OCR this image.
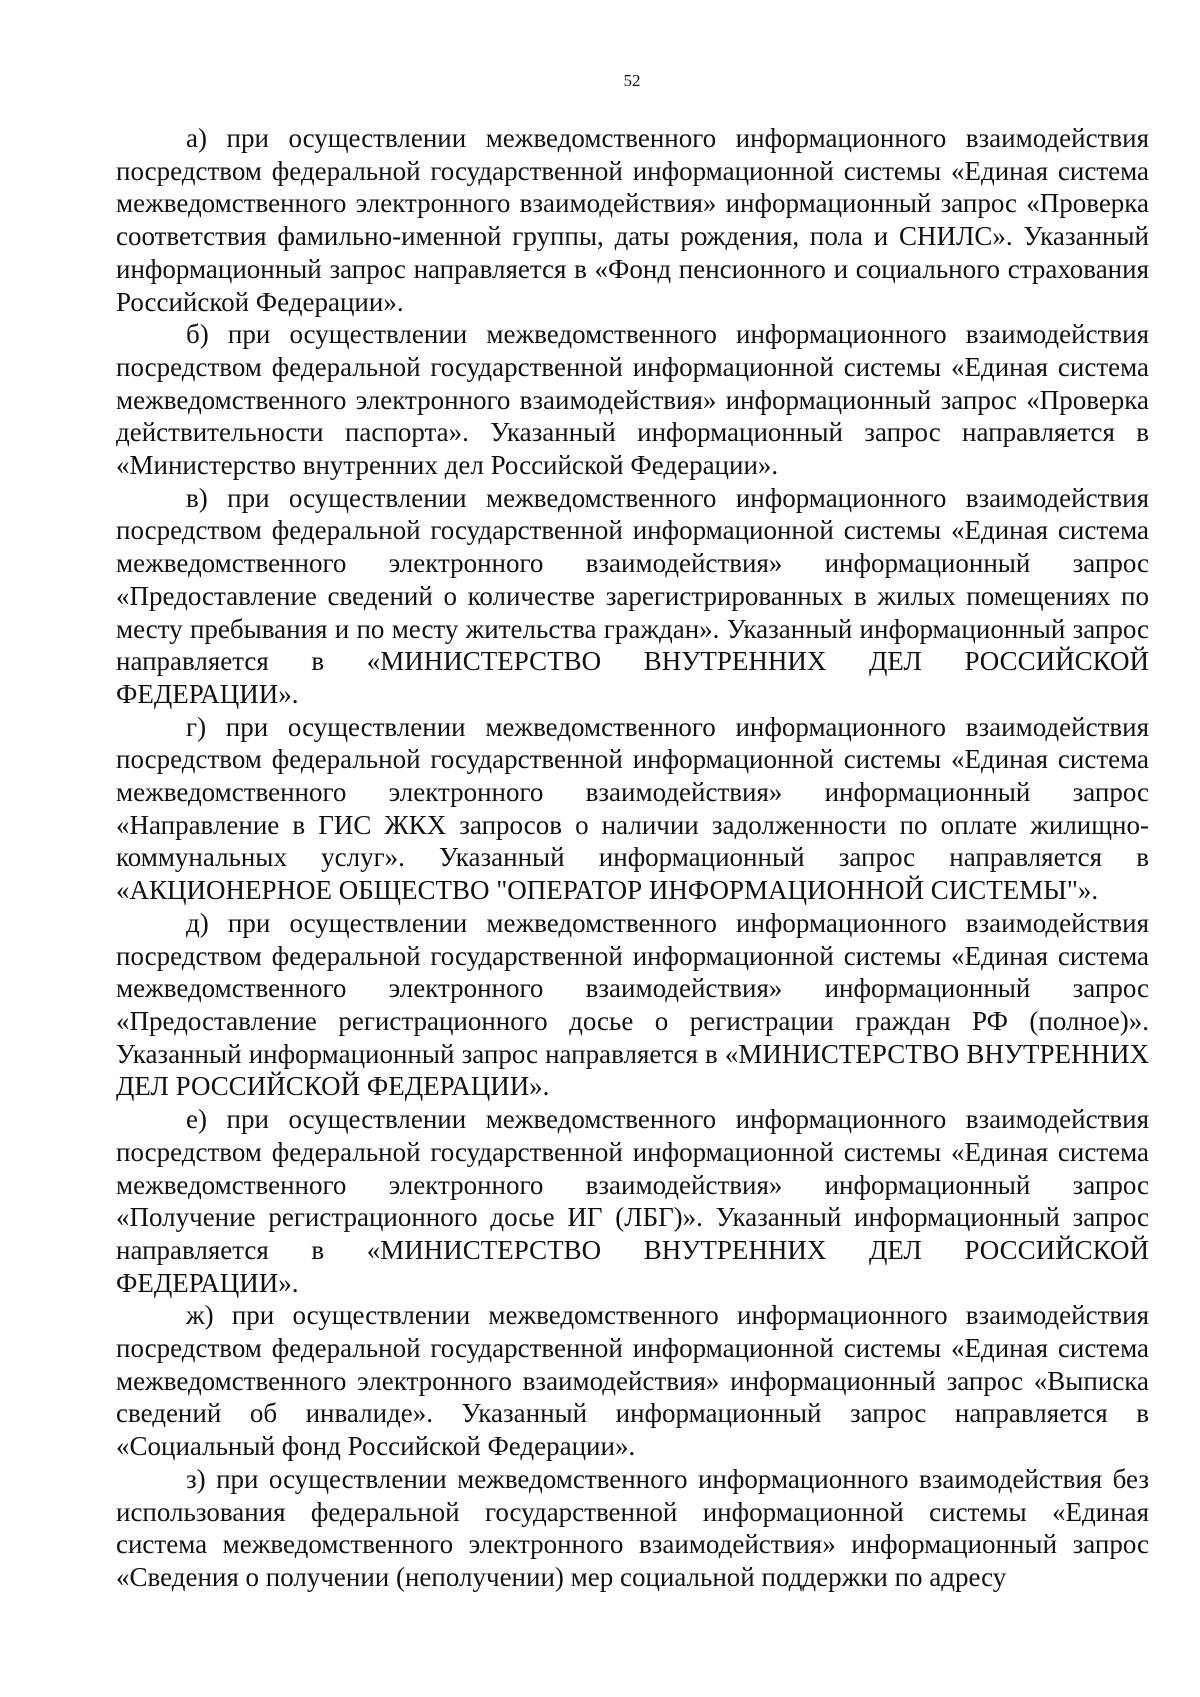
52

а) при осуществлении межведомственного информационного взаимодействия посредством федеральной государственной информационной системы «Единая система межведомственного электронного взаимодействия» информационный запрос «Проверка соответствия фамильно-именной группы, даты рождения, пола и СНИЛС». Указанный информационный запрос направляется в «Фонд пенсионного и социального страхования Российской Федерации».

б) при осуществлении межведомственного информационного взаимодействия посредством федеральной государственной информационной системы «Единая система межведомственного электронного взаимодействия» информационный запрос «Проверка действительности паспорта». Указанный информационный запрос направляется в «Министерство внутренних дел Российской Федерации».

в) при осуществлении межведомственного информационного взаимодействия посредством федеральной государственной информационной системы «Единая система межведомственного электронного взаимодействия» информационный запрос «Предоставление сведений о количестве зарегистрированных в жилых помещениях по месту пребывания и по месту жительства граждан». Указанный информационный запрос направляется в «МИНИСТЕРСТВО ВНУТРЕННИХ ДЕЛ РОССИЙСКОЙ ФЕДЕРАЦИИ».

г) при осуществлении межведомственного информационного взаимодействия посредством федеральной государственной информационной системы «Единая система межведомственного электронного взаимодействия» информационный запрос «Направление в ГИС ЖКХ запросов о наличии задолженности по оплате жилищно-коммунальных услуг». Указанный информационный запрос направляется в «АКЦИОНЕРНОЕ ОБЩЕСТВО "ОПЕРАТОР ИНФОРМАЦИОННОЙ СИСТЕМЫ"».

д) при осуществлении межведомственного информационного взаимодействия посредством федеральной государственной информационной системы «Единая система межведомственного электронного взаимодействия» информационный запрос «Предоставление регистрационного досье о регистрации граждан РФ (полное)». Указанный информационный запрос направляется в «МИНИСТЕРСТВО ВНУТРЕННИХ ДЕЛ РОССИЙСКОЙ ФЕДЕРАЦИИ».

е) при осуществлении межведомственного информационного взаимодействия посредством федеральной государственной информационной системы «Единая система межведомственного электронного взаимодействия» информационный запрос «Получение регистрационного досье ИГ (ЛБГ)». Указанный информационный запрос направляется в «МИНИСТЕРСТВО ВНУТРЕННИХ ДЕЛ РОССИЙСКОЙ ФЕДЕРАЦИИ».

ж) при осуществлении межведомственного информационного взаимодействия посредством федеральной государственной информационной системы «Единая система межведомственного электронного взаимодействия» информационный запрос «Выписка сведений об инвалиде». Указанный информационный запрос направляется в «Социальный фонд Российской Федерации».

з) при осуществлении межведомственного информационного взаимодействия без использования федеральной государственной информационной системы «Единая система межведомственного электронного взаимодействия» информационный запрос «Сведения о получении (неполучении) мер социальной поддержки по адресу
